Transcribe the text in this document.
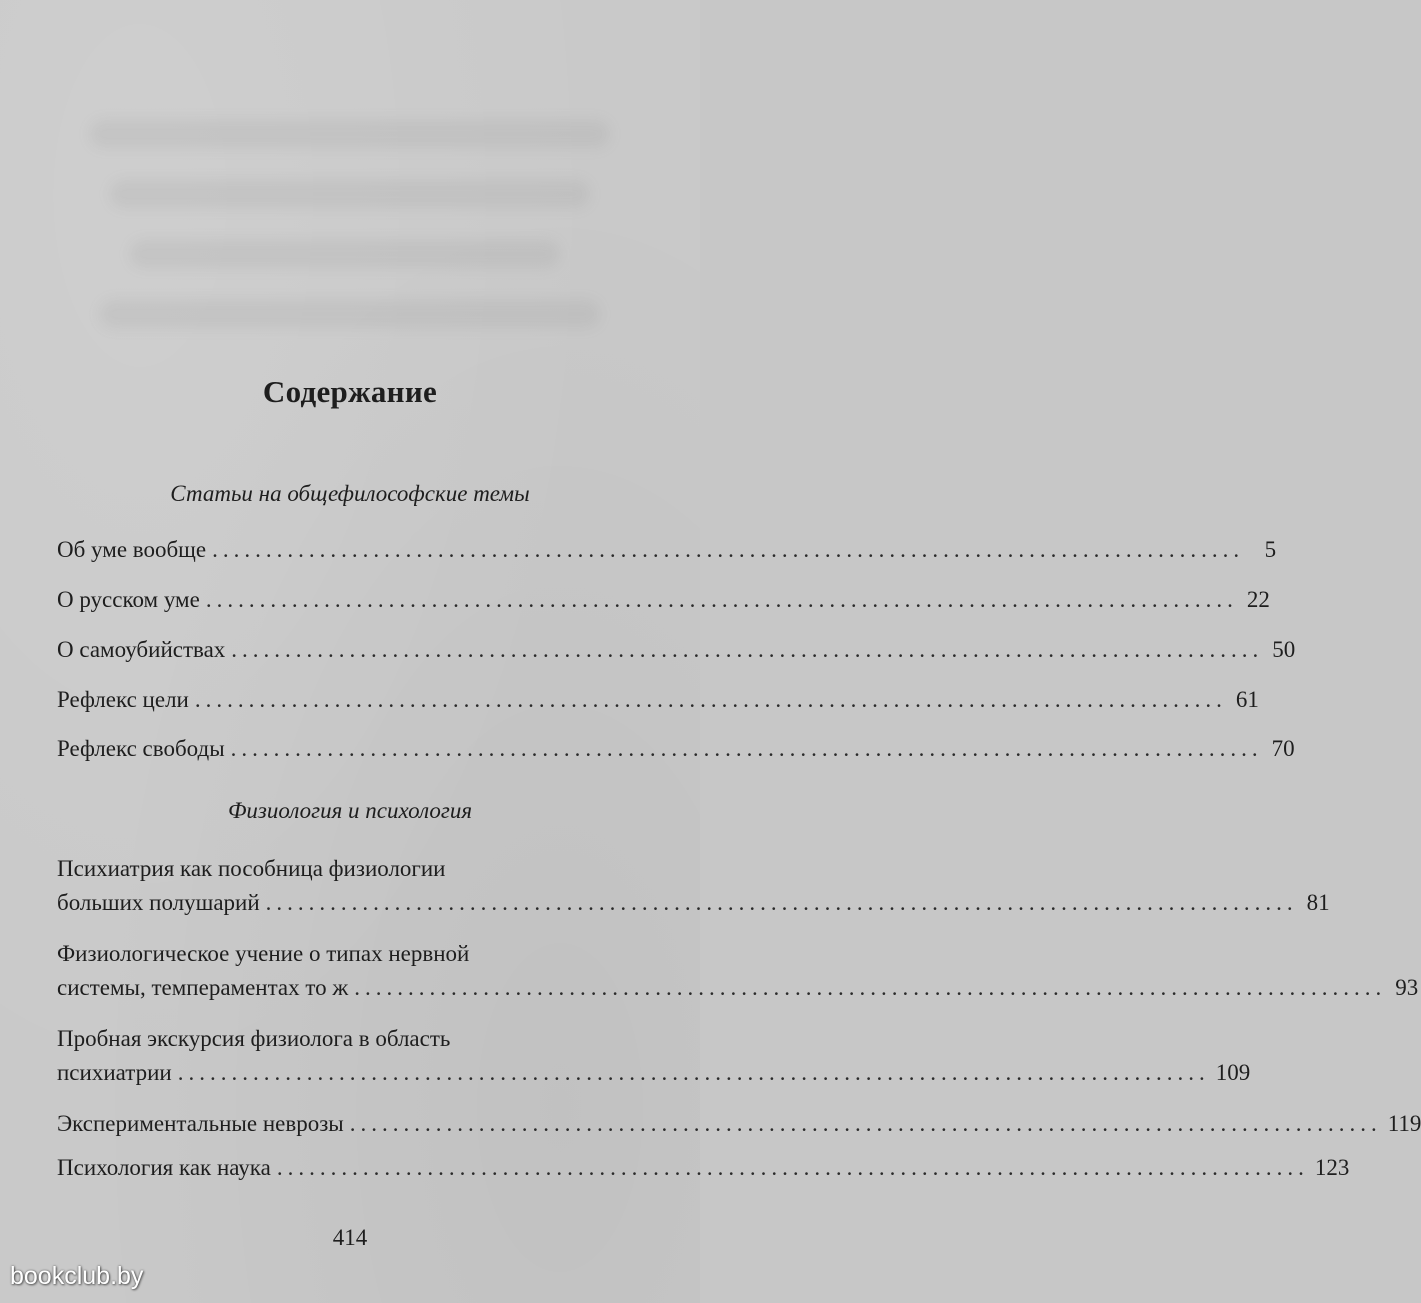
Содержание
Статьи на общефилософские темы
Об уме вообще ................................................................................................ 5
О русском уме ................................................................................................ 22
О самоубийствах ................................................................................................ 50
Рефлекс цели ................................................................................................ 61
Рефлекс свободы ................................................................................................ 70
Физиология и психология
Психиатрия как пособница физиологии
больших полушарий ................................................................................................ 81
Физиологическое учение о типах нервной
системы, темпераментах то ж ................................................................................................ 93
Пробная экскурсия физиолога в область
психиатрии ................................................................................................ 109
Экспериментальные неврозы ................................................................................................ 119
Психология как наука ................................................................................................ 123
414
bookclub.by
